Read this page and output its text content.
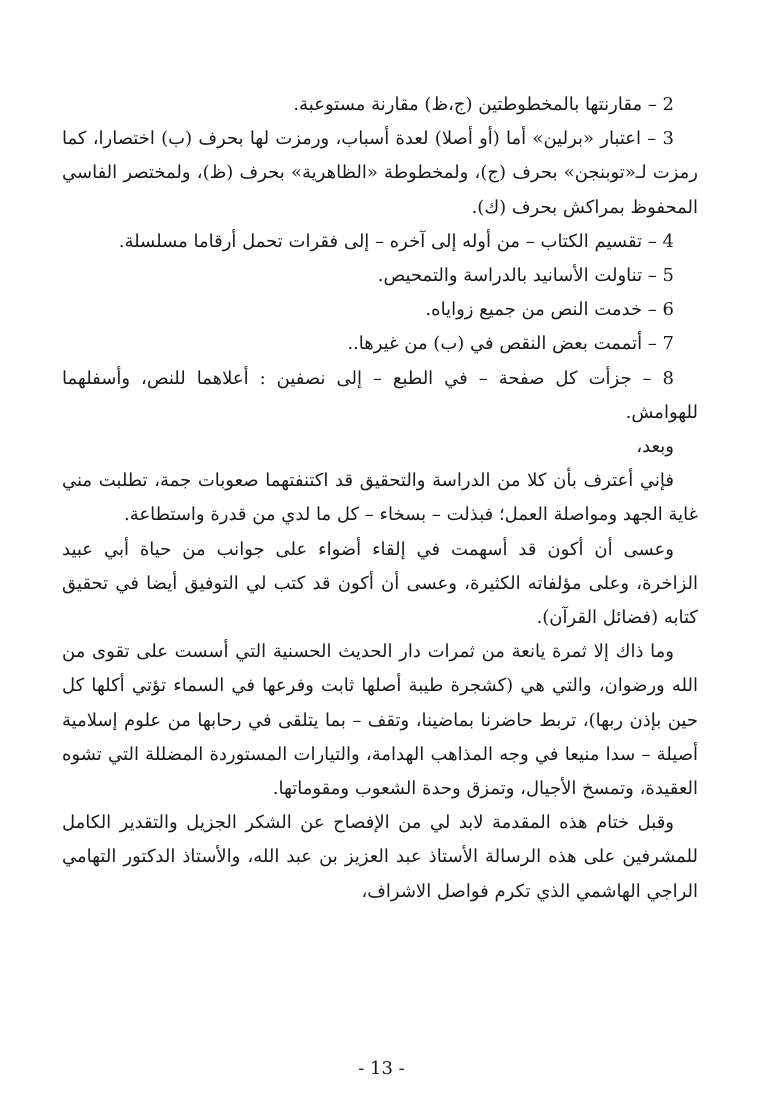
2 – مقارنتها بالمخطوطتين (ج،ظ) مقارنة مستوعبة.

3 – اعتبار «برلين» أما (أو أصلا) لعدة أسباب، ورمزت لها بحرف (ب) اختصارا، كما رمزت لـ«توبنجن» بحرف (ج)، ولمخطوطة «الظاهرية» بحرف (ظ)، ولمختصر الفاسي المحفوظ بمراكش بحرف (ك).

4 – تقسيم الكتاب – من أوله إلى آخره – إلى فقرات تحمل أرقاما مسلسلة.

5 – تناولت الأسانيد بالدراسة والتمحيص.

6 – خدمت النص من جميع زواياه.

7 – أتممت بعض النقص في (ب) من غيرها..

8 – جزأت كل صفحة – في الطبع – إلى نصفين : أعلاهما للنص، وأسفلهما للهوامش.

وبعد،

فإني أعترف بأن كلا من الدراسة والتحقيق قد اكتنفتهما صعوبات جمة، تطلبت مني غاية الجهد ومواصلة العمل؛ فبذلت – بسخاء – كل ما لدي من قدرة واستطاعة.

وعسى أن أكون قد أسهمت في إلقاء أضواء على جوانب من حياة أبي عبيد الزاخرة، وعلى مؤلفاته الكثيرة، وعسى أن أكون قد كتب لي التوفيق أيضا في تحقيق كتابه (فضائل القرآن).

وما ذاك إلا ثمرة يانعة من ثمرات دار الحديث الحسنية التي أسست على تقوى من الله ورضوان، والتي هي (كشجرة طيبة أصلها ثابت وفرعها في السماء تؤتي أكلها كل حين بإذن ربها)، تربط حاضرنا بماضينا، وتقف – بما يتلقى في رحابها من علوم إسلامية أصيلة – سدا منيعا في وجه المذاهب الهدامة، والتيارات المستوردة المضللة التي تشوه العقيدة، وتمسخ الأجيال، وتمزق وحدة الشعوب ومقوماتها.

وقبل ختام هذه المقدمة لابد لي من الإفصاح عن الشكر الجزيل والتقدير الكامل للمشرفين على هذه الرسالة الأستاذ عبد العزيز بن عبد الله، والأستاذ الدكتور التهامي الراجي الهاشمي الذي تكرم فواصل الاشراف،

- 13 -
